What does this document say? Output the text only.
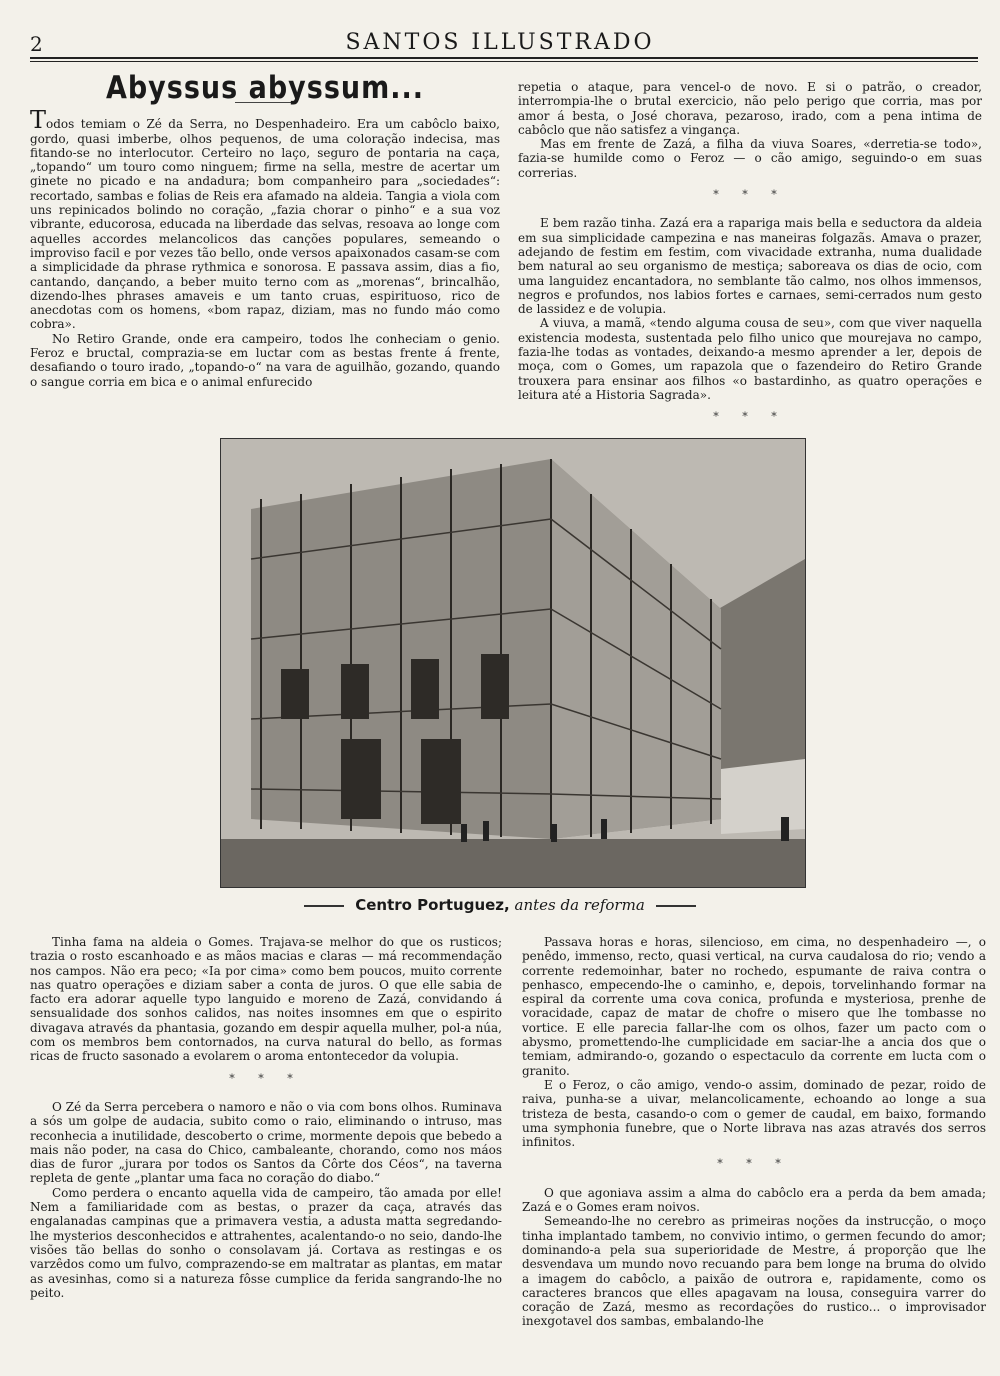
2	SANTOS ILLUSTRADO
Abyssus abyssum...

Todos temiam o Zé da Serra, no Despenhadeiro. Era um cabôclo baixo, gordo, quasi imberbe, olhos pequenos, de uma coloração indecisa, mas fitando-se no interlocutor. Certeiro no laço, seguro de pontaria na caça, „topando“ um touro como ninguem; firme na sella, mestre de acertar um ginete no picado e na andadura; bom companheiro para „sociedades“: recortado, sambas e folias de Reis era afamado na aldeia. Tangia a viola com uns repinicados bolindo no coração, „fazia chorar o pinho“ e a sua voz vibrante, educorosa, educada na liberdade das selvas, resoava ao longe com aquelles accordes melancolicos das canções populares, semeando o improviso facil e por vezes tão bello, onde versos apaixonados casam-se com a simplicidade da phrase rythmica e sonorosa. E passava assim, dias a fio, cantando, dançando, a beber muito terno com as „morenas“, brincalhão, dizendo-lhes phrases amaveis e um tanto cruas, espirituoso, rico de anecdotas com os homens, «bom rapaz, diziam, mas no fundo máo como cobra».

No Retiro Grande, onde era campeiro, todos lhe conheciam o genio. Feroz e bructal, comprazia-se em luctar com as bestas frente á frente, desafiando o touro irado, „topando-o“ na vara de aguilhão, gozando, quando o sangue corria em bica e o animal enfurecido

repetia o ataque, para vencel-o de novo. E si o patrão, o creador, interrompia-lhe o brutal exercicio, não pelo perigo que corria, mas por amor á besta, o José chorava, pezaroso, irado, com a pena intima de cabôclo que não satisfez a vingança.

Mas em frente de Zazá, a filha da viuva Soares, «derretia-se todo», fazia-se humilde como o Feroz — o cão amigo, seguindo-o em suas correrias.

* * *

E bem razão tinha. Zazá era a rapariga mais bella e seductora da aldeia em sua simplicidade campezina e nas maneiras folgazãs. Amava o prazer, adejando de festim em festim, com vivacidade extranha, numa dualidade bem natural ao seu organismo de mestiça; saboreava os dias de ocio, com uma languidez encantadora, no semblante tão calmo, nos olhos immensos, negros e profundos, nos labios fortes e carnaes, semi-cerrados num gesto de lassidez e de volupia.

A viuva, a mamã, «tendo alguma cousa de seu», com que viver naquella existencia modesta, sustentada pelo filho unico que mourejava no campo, fazia-lhe todas as vontades, deixando-a mesmo aprender a ler, depois de moça, com o Gomes, um rapazola que o fazendeiro do Retiro Grande trouxera para ensinar aos filhos «o bastardinho, as quatro operações e leitura até a Historia Sagrada».

* * *
Centro Portuguez, antes da reforma

Tinha fama na aldeia o Gomes. Trajava-se melhor do que os rusticos; trazia o rosto escanhoado e as mãos macias e claras — má recommendação nos campos. Não era peco; «Ia por cima» como bem poucos, muito corrente nas quatro operações e diziam saber a conta de juros. O que elle sabia de facto era adorar aquelle typo languido e moreno de Zazá, convidando á sensualidade dos sonhos calidos, nas noites insomnes em que o espirito divagava através da phantasia, gozando em despir aquella mulher, pol-a núa, com os membros bem contornados, na curva natural do bello, as formas ricas de fructo sasonado a evolarem o aroma entontecedor da volupia.

* * *

O Zé da Serra percebera o namoro e não o via com bons olhos. Ruminava a sós um golpe de audacia, subito como o raio, eliminando o intruso, mas reconhecia a inutilidade, descoberto o crime, mormente depois que bebedo a mais não poder, na casa do Chico, cambaleante, chorando, como nos máos dias de furor „jurara por todos os Santos da Côrte dos Céos“, na taverna repleta de gente „plantar uma faca no coração do diabo.“

Como perdera o encanto aquella vida de campeiro, tão amada por elle! Nem a familiaridade com as bestas, o prazer da caça, através das engalanadas campinas que a primavera vestia, a adusta matta segredando-lhe mysterios desconhecidos e attrahentes, acalentando-o no seio, dando-lhe visões tão bellas do sonho o consolavam já. Cortava as restingas e os varzêdos como um fulvo, comprazendo-se em maltratar as plantas, em matar as avesinhas, como si a natureza fôsse cumplice da ferida sangrando-lhe no peito.

Passava horas e horas, silencioso, em cima, no despenhadeiro —, o penêdo, immenso, recto, quasi vertical, na curva caudalosa do rio; vendo a corrente redemoinhar, bater no rochedo, espumante de raiva contra o penhasco, empecendo-lhe o caminho, e, depois, torvelinhando formar na espiral da corrente uma cova conica, profunda e mysteriosa, prenhe de voracidade, capaz de matar de chofre o misero que lhe tombasse no vortice. E elle parecia fallar-lhe com os olhos, fazer um pacto com o abysmo, promettendo-lhe cumplicidade em saciar-lhe a ancia dos que o temiam, admirando-o, gozando o espectaculo da corrente em lucta com o granito.

E o Feroz, o cão amigo, vendo-o assim, dominado de pezar, roido de raiva, punha-se a uivar, melancolicamente, echoando ao longe a sua tristeza de besta, casando-o com o gemer de caudal, em baixo, formando uma symphonia funebre, que o Norte librava nas azas através dos serros infinitos.

* * *

O que agoniava assim a alma do cabôclo era a perda da bem amada; Zazá e o Gomes eram noivos.

Semeando-lhe no cerebro as primeiras noções da instrucção, o moço tinha implantado tambem, no convivio intimo, o germen fecundo do amor; dominando-a pela sua superioridade de Mestre, á proporção que lhe desvendava um mundo novo recuando para bem longe na bruma do olvido a imagem do cabôclo, a paixão de outrora e, rapidamente, como os caracteres brancos que elles apagavam na lousa, conseguira varrer do coração de Zazá, mesmo as recordações do rustico... o improvisador inexgotavel dos sambas, embalando-lhe
